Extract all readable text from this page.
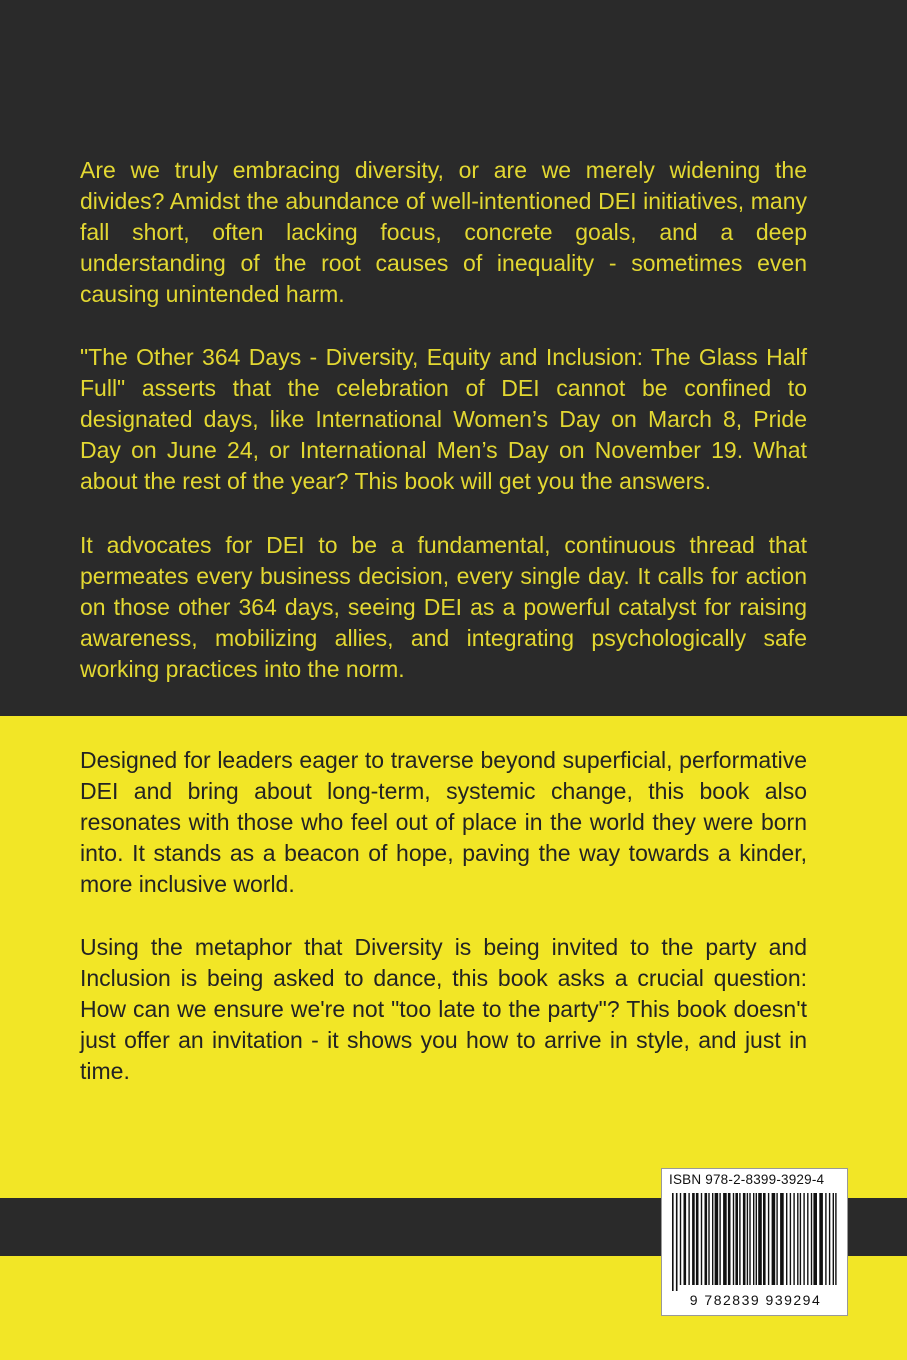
Are we truly embracing diversity, or are we merely widening the divides? Amidst the abundance of well-intentioned DEI initiatives, many fall short, often lacking focus, concrete goals, and a deep understanding of the root causes of inequality - sometimes even causing unintended harm.

"The Other 364 Days - Diversity, Equity and Inclusion: The Glass Half Full" asserts that the celebration of DEI cannot be confined to designated days, like International Women’s Day on March 8, Pride Day on June 24, or International Men’s Day on November 19. What about the rest of the year? This book will get you the answers.

It advocates for DEI to be a fundamental, continuous thread that permeates every business decision, every single day. It calls for action on those other 364 days, seeing DEI as a powerful catalyst for raising awareness, mobilizing allies, and integrating psychologically safe working practices into the norm.

Designed for leaders eager to traverse beyond superficial, performative DEI and bring about long-term, systemic change, this book also resonates with those who feel out of place in the world they were born into. It stands as a beacon of hope, paving the way towards a kinder, more inclusive world.

Using the metaphor that Diversity is being invited to the party and Inclusion is being asked to dance, this book asks a crucial question: How can we ensure we're not "too late to the party"? This book doesn't just offer an invitation - it shows you how to arrive in style, and just in time.

ISBN 978-2-8399-3929-4
9 782839 939294
